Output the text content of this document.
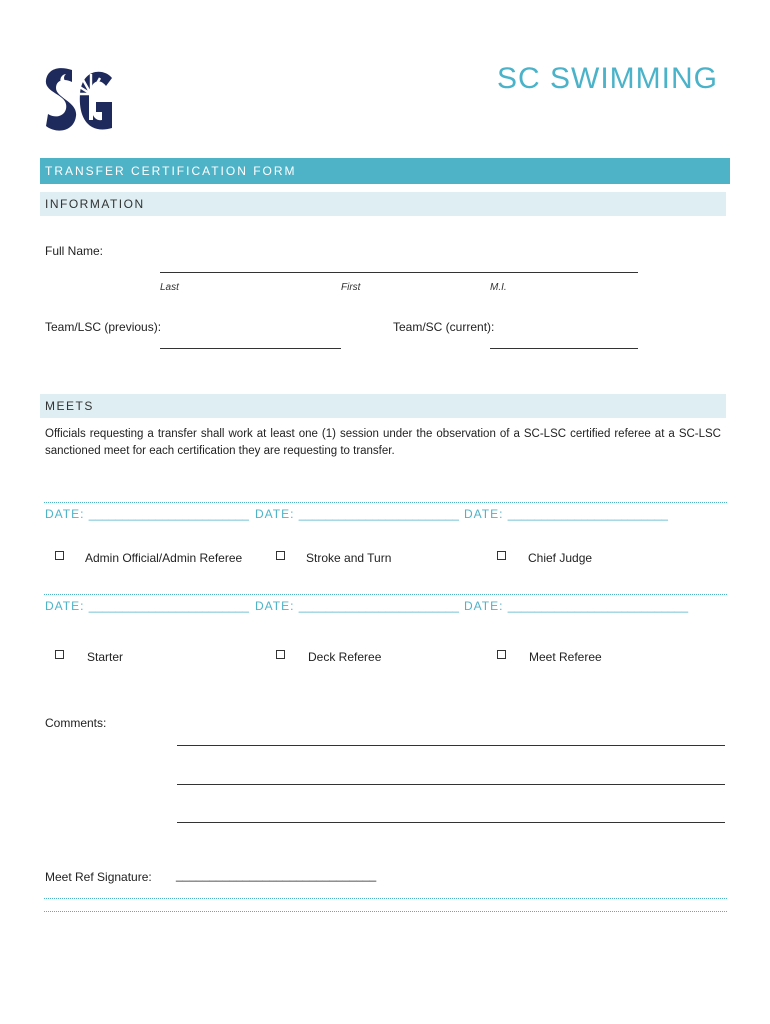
SC SWIMMING
TRANSFER CERTIFICATION FORM
INFORMATION
Full Name:
Last	First	M.I.
Team/LSC (previous):	Team/SC (current):
MEETS
Officials requesting a transfer shall work at least one (1) session under the observation of a SC-LSC certified referee at a SC-LSC sanctioned meet for each certification they are requesting to transfer.
DATE: ________________________ DATE: ________________________ DATE: ________________________
Admin Official/Admin Referee	Stroke and Turn	Chief Judge
DATE: ________________________ DATE: ________________________ DATE: ___________________________
Starter	Deck Referee	Meet Referee
Comments:
Meet Ref Signature: ______________________________
